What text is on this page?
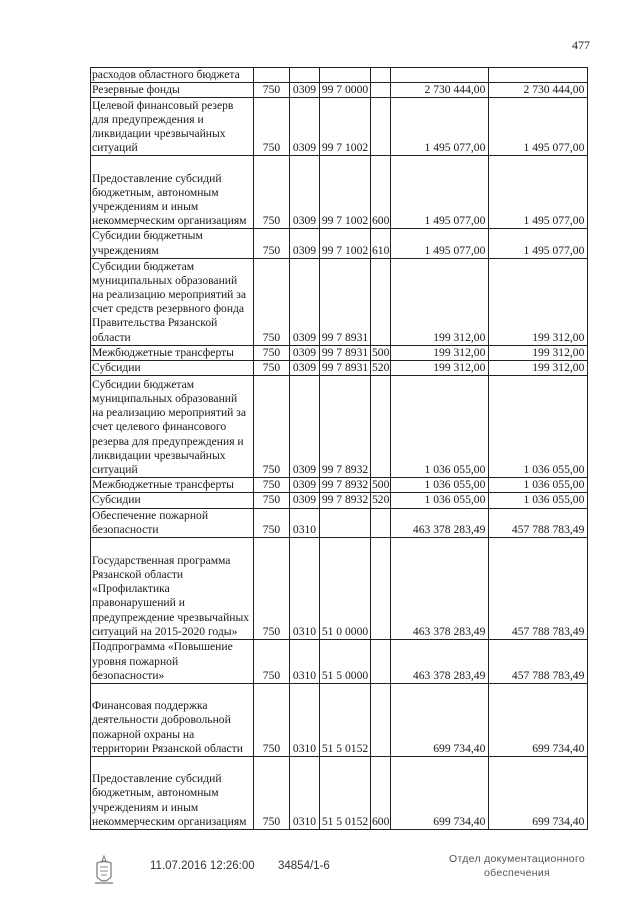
477
расходов областного бюджета						
Резервные фонды	750	0309	99 7 0000		2 730 444,00	2 730 444,00
Целевой финансовый резерв для предупреждения и ликвидации чрезвычайных ситуаций	750	0309	99 7 1002		1 495 077,00	1 495 077,00
Предоставление субсидий бюджетным, автономным учреждениям и иным некоммерческим организациям	750	0309	99 7 1002	600	1 495 077,00	1 495 077,00
Субсидии бюджетным учреждениям	750	0309	99 7 1002	610	1 495 077,00	1 495 077,00
Субсидии бюджетам муниципальных образований на реализацию мероприятий за счет средств резервного фонда Правительства Рязанской области	750	0309	99 7 8931		199 312,00	199 312,00
Межбюджетные трансферты	750	0309	99 7 8931	500	199 312,00	199 312,00
Субсидии	750	0309	99 7 8931	520	199 312,00	199 312,00
Субсидии бюджетам муниципальных образований на реализацию мероприятий за счет целевого финансового резерва для предупреждения и ликвидации чрезвычайных ситуаций	750	0309	99 7 8932		1 036 055,00	1 036 055,00
Межбюджетные трансферты	750	0309	99 7 8932	500	1 036 055,00	1 036 055,00
Субсидии	750	0309	99 7 8932	520	1 036 055,00	1 036 055,00
Обеспечение пожарной безопасности	750	0310			463 378 283,49	457 788 783,49
Государственная программа Рязанской области «Профилактика правонарушений и предупреждение чрезвычайных ситуаций на 2015-2020 годы»	750	0310	51 0 0000		463 378 283,49	457 788 783,49
Подпрограмма «Повышение уровня пожарной безопасности»	750	0310	51 5 0000		463 378 283,49	457 788 783,49
Финансовая поддержка деятельности добровольной пожарной охраны на территории Рязанской области	750	0310	51 5 0152		699 734,40	699 734,40
Предоставление субсидий бюджетным, автономным учреждениям и иным некоммерческим организациям	750	0310	51 5 0152	600	699 734,40	699 734,40
11.07.2016 12:26:00 34854/1-6
Отдел документационного
обеспечения
